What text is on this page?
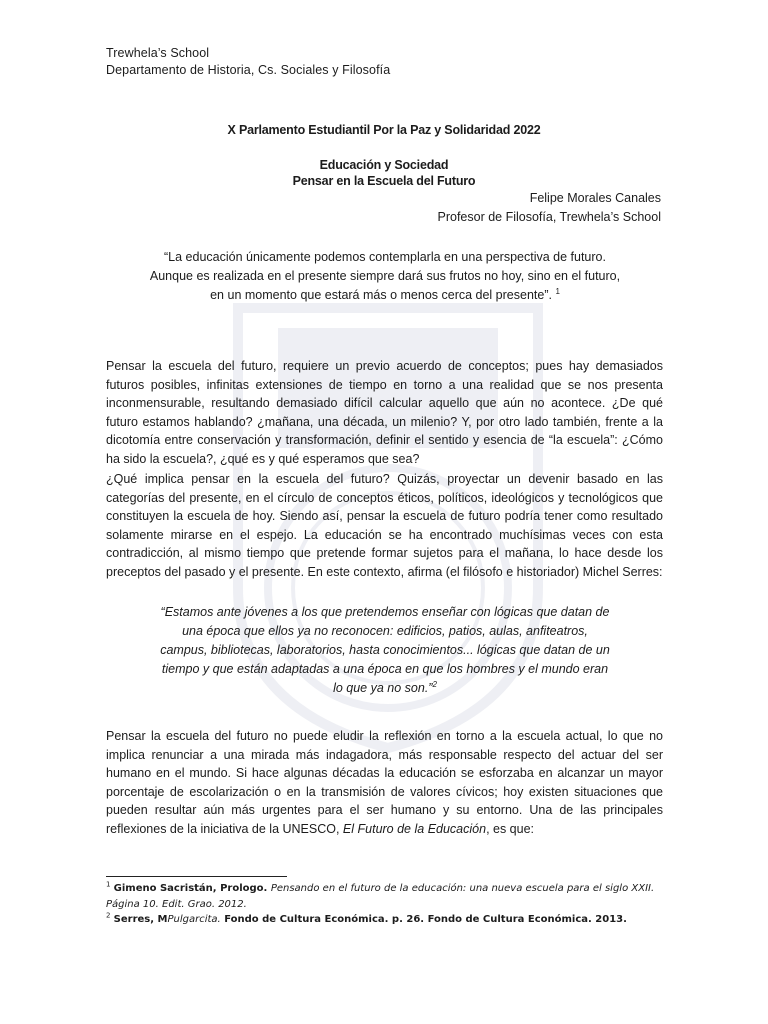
Trewhela’s School
Departamento de Historia, Cs. Sociales y Filosofía
X Parlamento Estudiantil Por la Paz y Solidaridad 2022
Educación y Sociedad
Pensar en la Escuela del Futuro
Felipe Morales Canales
Profesor de Filosofía, Trewhela’s School
“La educación únicamente podemos contemplarla en una perspectiva de futuro. Aunque es realizada en el presente siempre dará sus frutos no hoy, sino en el futuro, en un momento que estará más o menos cerca del presente”. $^1$

Pensar la escuela del futuro, requiere un previo acuerdo de conceptos; pues hay demasiados futuros posibles, infinitas extensiones de tiempo en torno a una realidad que se nos presenta inconmensurable, resultando demasiado difícil calcular aquello que aún no acontece. ¿De qué futuro estamos hablando? ¿mañana, una década, un milenio? Y, por otro lado también, frente a la dicotomía entre conservación y transformación, definir el sentido y esencia de “la escuela”: ¿Cómo ha sido la escuela?, ¿qué es y qué esperamos que sea?

¿Qué implica pensar en la escuela del futuro? Quizás, proyectar un devenir basado en las categorías del presente, en el círculo de conceptos éticos, políticos, ideológicos y tecnológicos que constituyen la escuela de hoy. Siendo así, pensar la escuela de futuro podría tener como resultado solamente mirarse en el espejo. La educación se ha encontrado muchísimas veces con esta contradicción, al mismo tiempo que pretende formar sujetos para el mañana, lo hace desde los preceptos del pasado y el presente. En este contexto, afirma (el filósofo e historiador) Michel Serres:

“Estamos ante jóvenes a los que pretendemos enseñar con lógicas que datan de una época que ellos ya no reconocen: edificios, patios, aulas, anfiteatros, campus, bibliotecas, laboratorios, hasta conocimientos... lógicas que datan de un tiempo y que están adaptadas a una época en que los hombres y el mundo eran lo que ya no son.”$^2$

Pensar la escuela del futuro no puede eludir la reflexión en torno a la escuela actual, lo que no implica renunciar a una mirada más indagadora, más responsable respecto del actuar del ser humano en el mundo. Si hace algunas décadas la educación se esforzaba en alcanzar un mayor porcentaje de escolarización o en la transmisión de valores cívicos; hoy existen situaciones que pueden resultar aún más urgentes para el ser humano y su entorno. Una de las principales reflexiones de la iniciativa de la UNESCO, El Futuro de la Educación, es que:

$^1$ Gimeno Sacristán, Prologo. Pensando en el futuro de la educación: una nueva escuela para el siglo XXII. Página 10. Edit. Grao. 2012.
$^2$ Serres, MPulgarcita. Fondo de Cultura Económica. p. 26. Fondo de Cultura Económica. 2013.
